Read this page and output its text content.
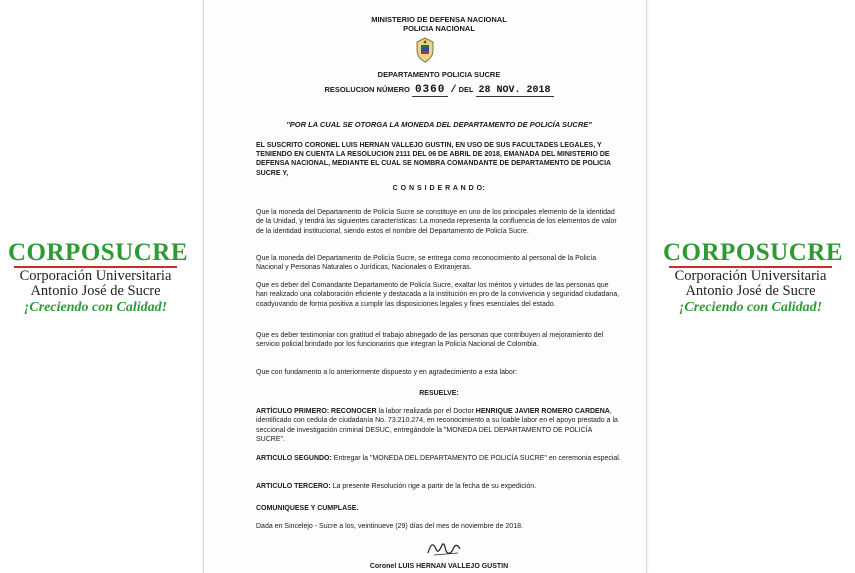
CORPOSUCRE
Corporación Universitaria
Antonio José de Sucre
¡Creciendo con Calidad!
CORPOSUCRE
Corporación Universitaria
Antonio José de Sucre
¡Creciendo con Calidad!
MINISTERIO DE DEFENSA NACIONAL
POLICIA NACIONAL
DEPARTAMENTO POLICIA SUCRE
RESOLUCION NÚMERO 0360 / DEL 28 NOV. 2018
"POR LA CUAL SE OTORGA LA MONEDA DEL DEPARTAMENTO DE POLICÍA SUCRE"
EL SUSCRITO CORONEL LUIS HERNAN VALLEJO GUSTIN, EN USO DE SUS FACULTADES LEGALES, Y TENIENDO EN CUENTA LA RESOLUCION 2111 DEL 06 DE ABRIL DE 2018, EMANADA DEL MINISTERIO DE DEFENSA NACIONAL, MEDIANTE EL CUAL SE NOMBRA COMANDANTE DE DEPARTAMENTO DE POLICIA SUCRE Y,
C O N S I D E R A N D O:
Que la moneda del Departamento de Policía Sucre se constituye en uno de los principales elemento de la identidad de la Unidad, y tendrá las siguientes características: La moneda representa la confluencia de los elementos de valor de la identidad institucional, siendo estos el nombre del Departamento de Policía Sucre.
Que la moneda del Departamento de Policía Sucre, se entrega como reconocimiento al personal de la Policía Nacional y Personas Naturales o Jurídicas, Nacionales o Extranjeras.
Que es deber del Comandante Departamento de Policía Sucre, exaltar los méritos y virtudes de las personas que han realizado una colaboración eficiente y destacada a la institución en pro de la convivencia y seguridad ciudadana, coadyuvando de forma positiva a cumplir las disposiciones legales y fines esenciales del estado.
Que es deber testimoniar con gratitud el trabajo abnegado de las personas que contribuyen al mejoramiento del servicio policial brindado por los funcionarios que integran la Policía Nacional de Colombia.
Que con fundamento a lo anteriormente dispuesto y en agradecimiento a esta labor:
RESUELVE:
ARTÍCULO PRIMERO: RECONOCER la labor realizada por el Doctor HENRIQUE JAVIER ROMERO CARDENA, identificado con cedula de ciudadanía No. 73.210.274, en reconocimiento a su loable labor en el apoyo prestado a la seccional de investigación criminal DESUC, entregándole la "MONEDA DEL DEPARTAMENTO DE POLICÍA SUCRE".
ARTICULO SEGUNDO: Entregar la "MONEDA DEL DEPARTAMENTO DE POLICÍA SUCRE" en ceremonia especial.
ARTICULO TERCERO: La presente Resolución rige a partir de la fecha de su expedición.
COMUNIQUESE Y CUMPLASE.
Dada en Sincelejo - Sucre a los, veintinueve (29) días del mes de noviembre de 2018.
Coronel LUIS HERNAN VALLEJO GUSTIN
